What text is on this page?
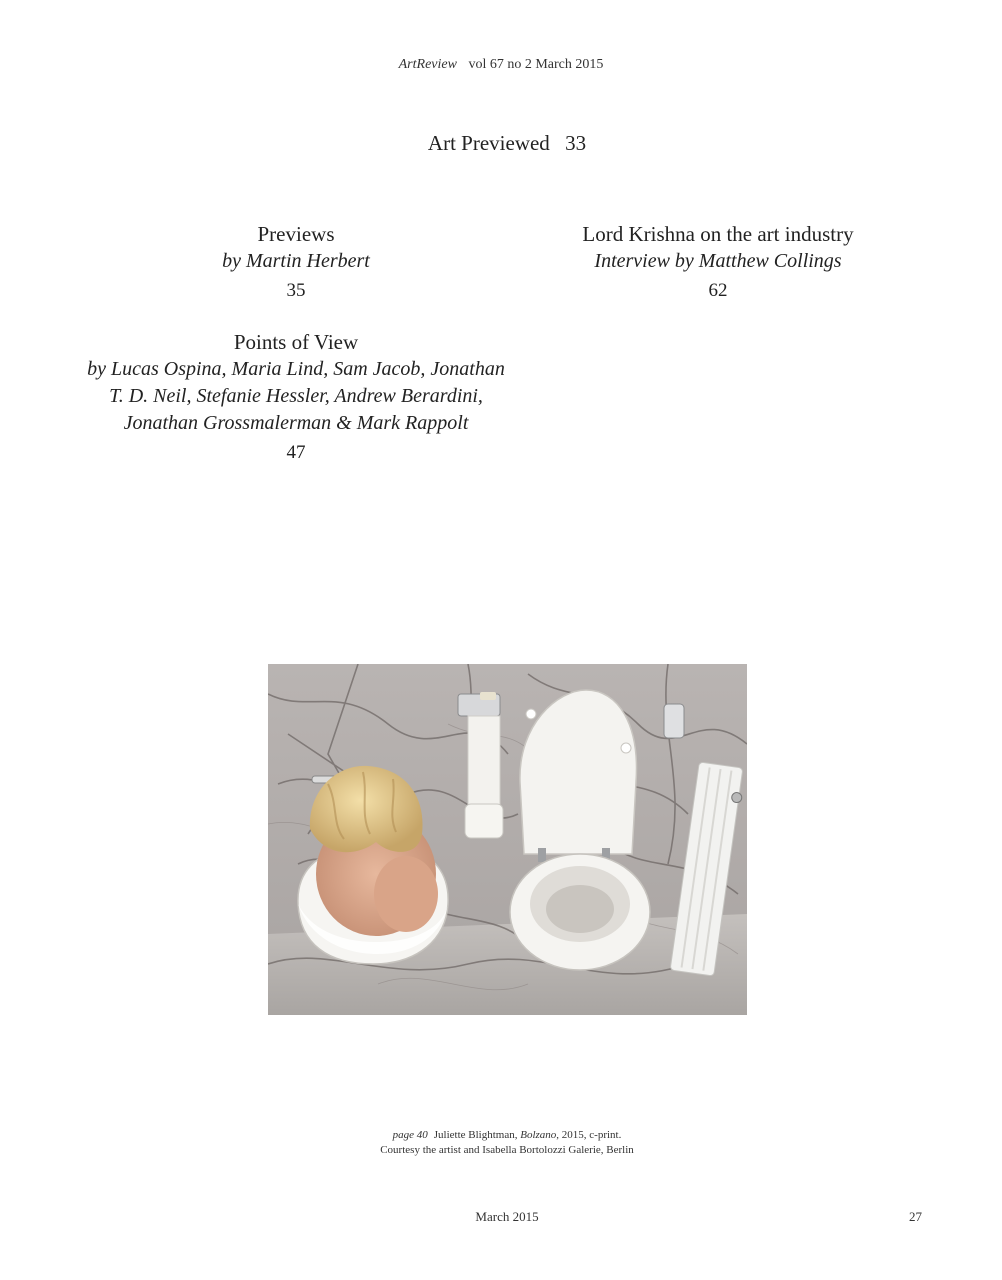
ArtReview vol 67 no 2 March 2015
Art Previewed 33
Previews
by Martin Herbert
35
Lord Krishna on the art industry
Interview by Matthew Collings
62
Points of View
by Lucas Ospina, Maria Lind, Sam Jacob, Jonathan
T. D. Neil, Stefanie Hessler, Andrew Berardini,
Jonathan Grossmalerman & Mark Rappolt
47
page 40 Juliette Blightman, Bolzano, 2015, c-print.
Courtesy the artist and Isabella Bortolozzi Galerie, Berlin
March 2015	27
